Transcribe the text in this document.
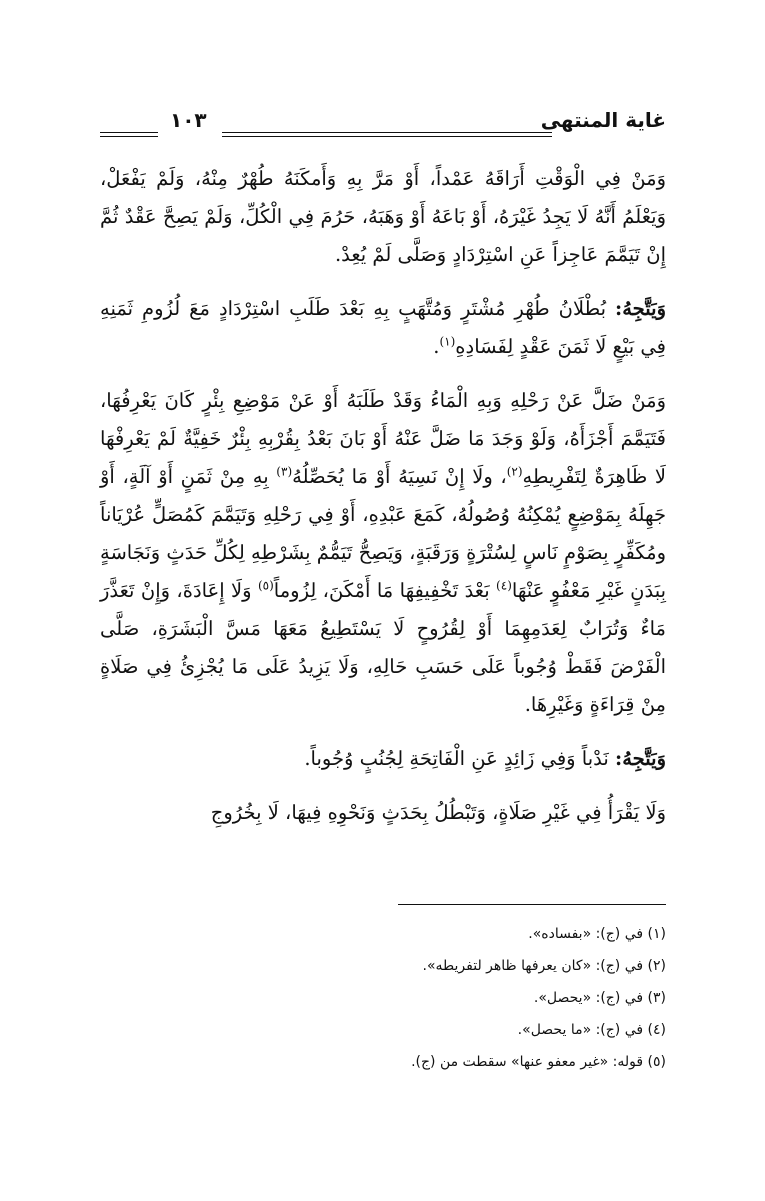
١٠٣	غاية المنتهى

وَمَنْ فِي الْوَقْتِ أَرَاقَهُ عَمْداً، أَوْ مَرَّ بِهِ وَأَمكَنَهُ طُهْرٌ مِنْهُ، وَلَمْ يَفْعَلْ، وَيَعْلَمُ أَنَّهُ لَا يَجِدُ غَيْرَهُ، أَوْ بَاعَهُ أَوْ وَهَبَهُ، حَرُمَ فِي الْكُلِّ، وَلَمْ يَصِحَّ عَقْدٌ ثُمَّ إِنْ تَيَمَّمَ عَاجِزاً عَنِ اسْتِرْدَادٍ وَصَلَّى لَمْ يُعِدْ.

وَيَتَّجِهُ: بُطْلَانُ طُهْرِ مُشْتَرٍ وَمُتَّهَبٍ بِهِ بَعْدَ طَلَبِ اسْتِرْدَادٍ مَعَ لُزُومِ ثَمَنِهِ فِي بَيْعٍ لَا ثَمَنَ عَقْدٍ لِفَسَادِهِ$^{(١)}$.

وَمَنْ ضَلَّ عَنْ رَحْلِهِ وَبِهِ الْمَاءُ وَقَدْ طَلَبَهُ أَوْ عَنْ مَوْضِعِ بِئْرٍ كَانَ يَعْرِفُهَا، فَتَيَمَّمَ أَجْزَأَهُ، وَلَوْ وَجَدَ مَا ضَلَّ عَنْهُ أَوْ بَانَ بَعْدُ بِقُرْبِهِ بِئْرٌ خَفِيَّةٌ لَمْ يَعْرِفْهَا لَا ظَاهِرَةٌ لِتَفْرِيطِهِ$^{(٢)}$، ولَا إِنْ نَسِيَهُ أَوْ مَا يُحَصِّلُهُ$^{(٣)}$ بِهِ مِنْ ثَمَنٍ أَوْ آلَةٍ، أَوْ جَهِلَهُ بِمَوْضِعٍ يُمْكِنُهُ وُصُولُهُ، كَمَعَ عَبْدِهِ، أَوْ فِي رَحْلِهِ وَتَيَمَّمَ كَمُصَلٍّ عُرْيَاناً ومُكَفِّرٍ بِصَوْمٍ نَاسٍ لِسُتْرَةٍ وَرَقَبَةٍ، وَيَصِحُّ تَيَمُّمٌ بِشَرْطِهِ لِكُلِّ حَدَثٍ وَنَجَاسَةٍ بِبَدَنٍ غَيْرِ مَعْفُوٍ عَنْهَا$^{(٤)}$ بَعْدَ تَخْفِيفِهَا مَا أَمْكَنَ، لِزُوماً$^{(٥)}$ وَلَا إِعَادَةَ، وَإِنْ تَعَذَّرَ مَاءٌ وَتُرَابٌ لِعَدَمِهِمَا أَوْ لِقُرُوحٍ لَا يَسْتَطِيعُ مَعَهَا مَسَّ الْبَشَرَةِ، صَلَّى الْفَرْضَ فَقَطْ وُجُوباً عَلَى حَسَبِ حَالِهِ، وَلَا يَزِيدُ عَلَى مَا يُجْزِئُ فِي صَلَاةٍ مِنْ قِرَاءَةٍ وَغَيْرِهَا.

وَيَتَّجِهُ: نَدْباً وَفِي زَائِدٍ عَنِ الْفَاتِحَةِ لِجُنُبٍ وُجُوباً.

وَلَا يَقْرَأُ فِي غَيْرِ صَلَاةٍ، وَتَبْطُلُ بِحَدَثٍ وَنَحْوِهِ فِيهَا، لَا بِخُرُوجِ

(١) في (ج): «بفساده».
(٢) في (ج): «كان يعرفها ظاهر لتفريطه».
(٣) في (ج): «يحصل».
(٤) في (ج): «ما يحصل».
(٥) قوله: «غير معفو عنها» سقطت من (ج).
